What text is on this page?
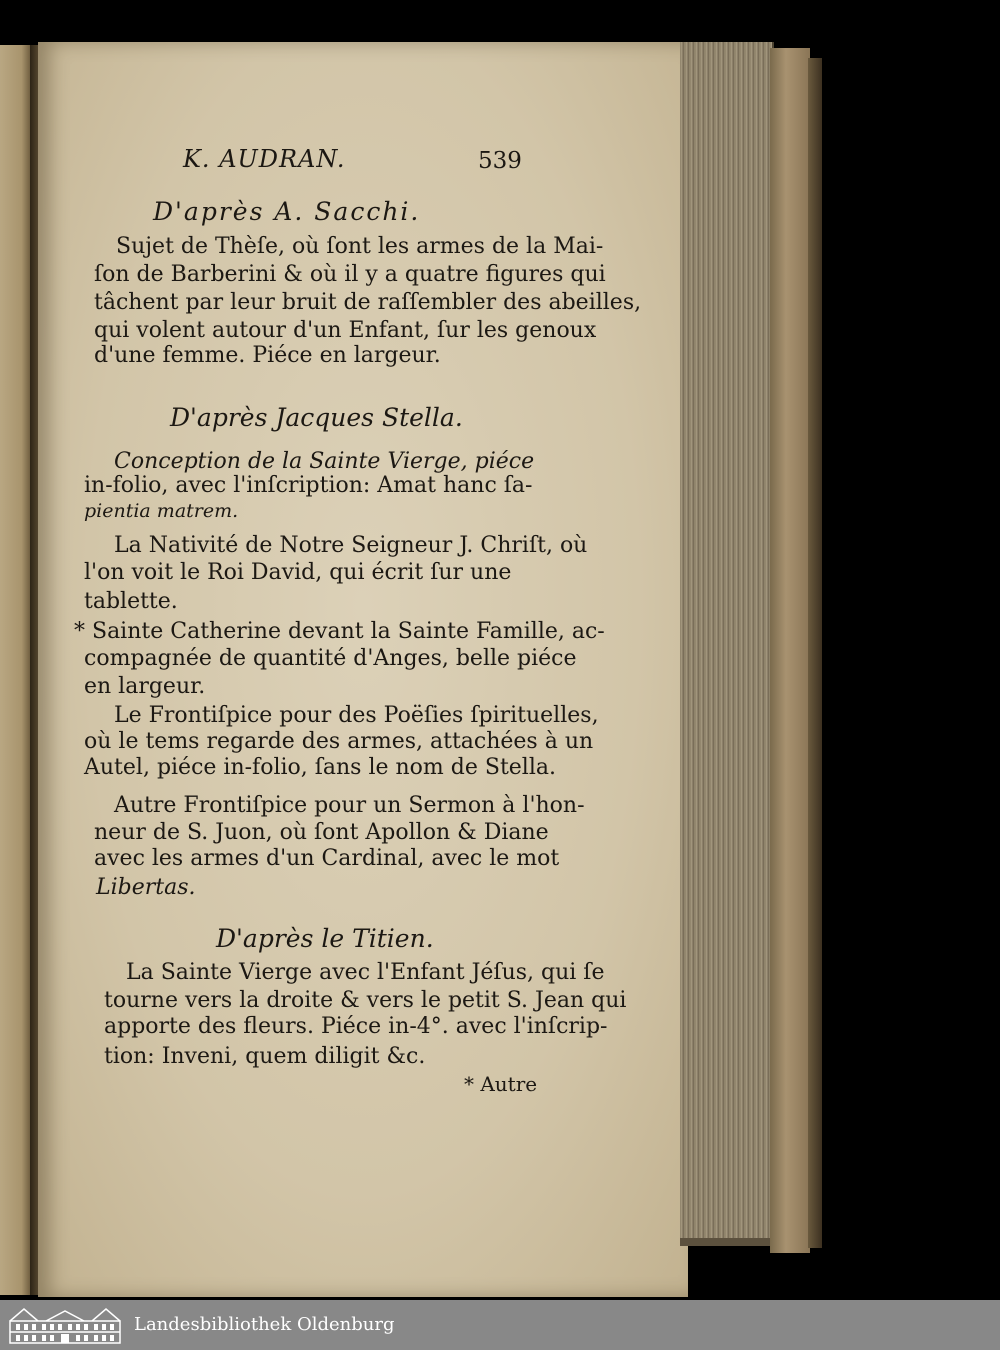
K. AUDRAN.	539
D'après A. Sacchi.
Sujet de Thèſe, où ſont les armes de la Mai-
ſon de Barberini & où il y a quatre figures qui
tâchent par leur bruit de raſſembler des abeilles,
qui volent autour d'un Enfant, ſur les genoux
d'une femme. Piéce en largeur.
D'après Jacques Stella.
Conception de la Sainte Vierge, piéce
in-folio, avec l'inſcription: Amat hanc ſa-
pientia matrem.
La Nativité de Notre Seigneur J. Chriſt, où
l'on voit le Roi David, qui écrit ſur une
tablette.
* Sainte Catherine devant la Sainte Famille, ac-
compagnée de quantité d'Anges, belle piéce
en largeur.
Le Frontiſpice pour des Poëſies ſpirituelles,
où le tems regarde des armes, attachées à un
Autel, piéce in-folio, ſans le nom de Stella.
Autre Frontiſpice pour un Sermon à l'hon-
neur de S. Juon, où ſont Apollon & Diane
avec les armes d'un Cardinal, avec le mot
Libertas.
D'après le Titien.
La Sainte Vierge avec l'Enfant Jéſus, qui ſe
tourne vers la droite & vers le petit S. Jean qui
apporte des fleurs. Piéce in-4°. avec l'inſcrip-
tion: Inveni, quem diligit &c.
* Autre
Landesbibliothek Oldenburg
